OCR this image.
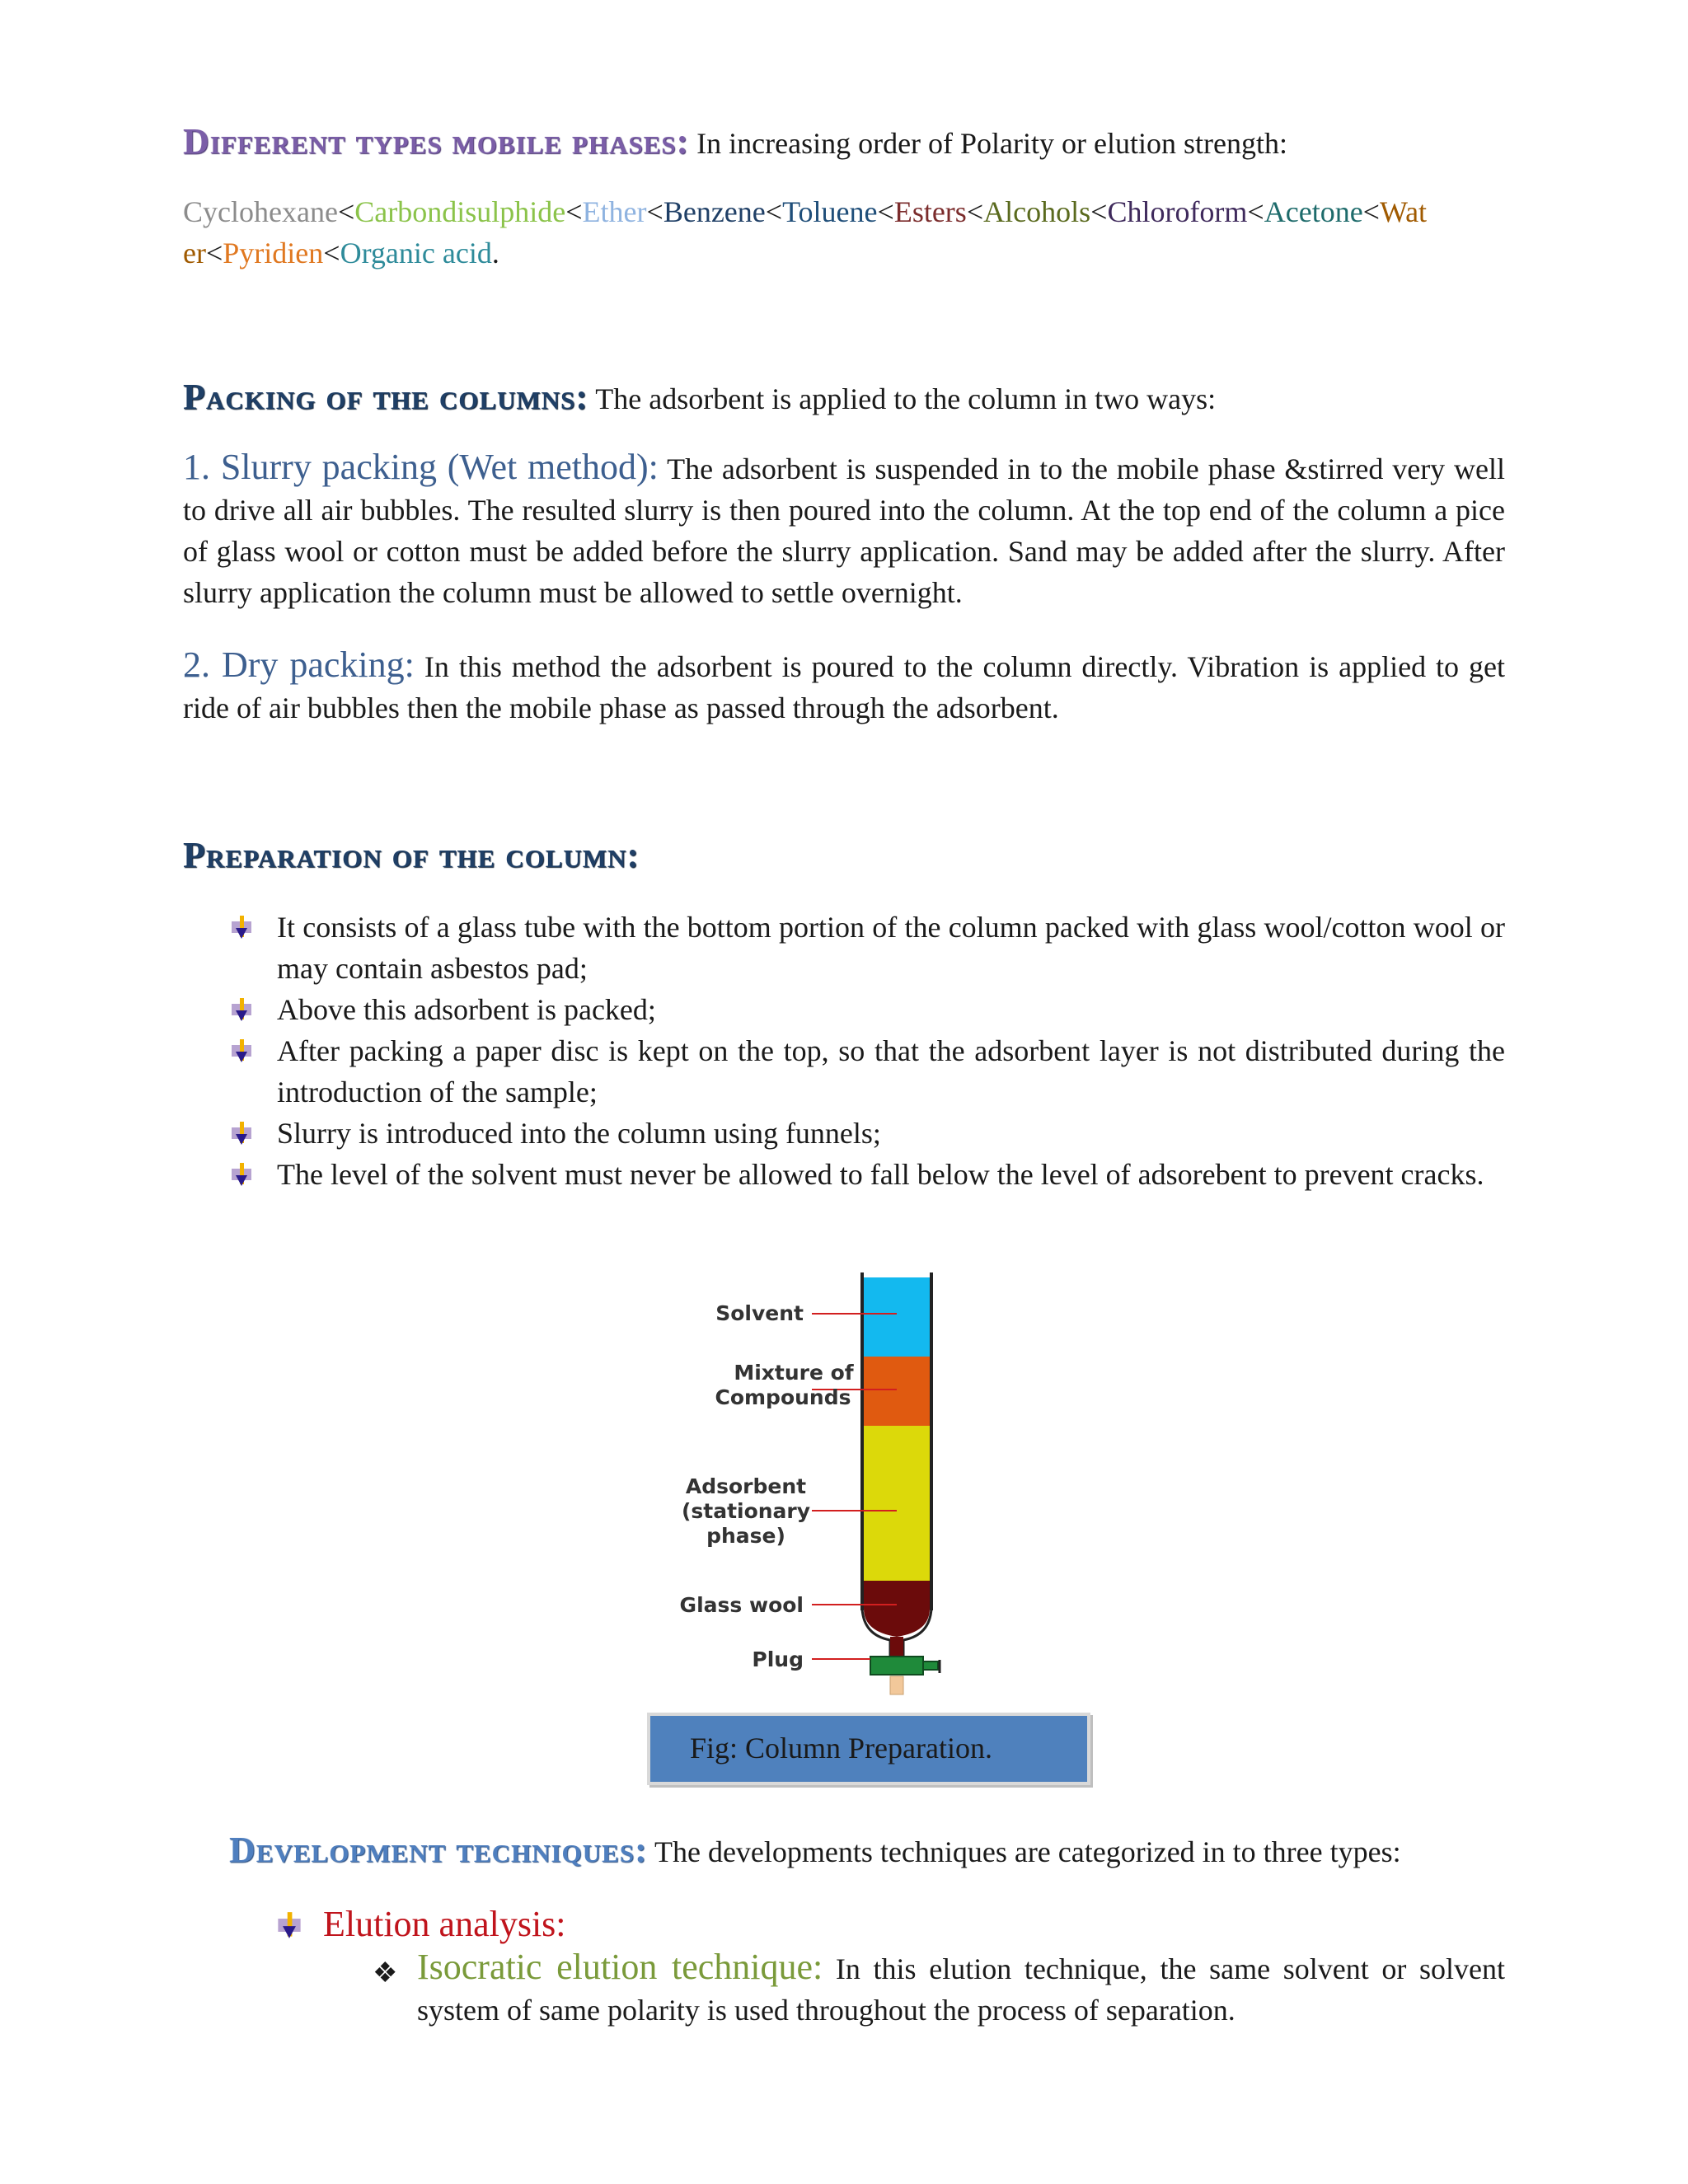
Different types mobile phases: In increasing order of Polarity or elution strength:
Cyclohexane<Carbondisulphide<Ether<Benzene<Toluene<Esters<Alcohols<Chloroform<Acetone<Wat
er<Pyridien<Organic acid.
Packing of the columns: The adsorbent is applied to the column in two ways:
1. Slurry packing (Wet method): The adsorbent is suspended in to the mobile phase &stirred very well to drive all air bubbles. The resulted slurry is then poured into the column. At the top end of the column a pice of glass wool or cotton must be added before the slurry application. Sand may be added after the slurry. After slurry application the column must be allowed to settle overnight.
2. Dry packing: In this method the adsorbent is poured to the column directly. Vibration is applied to get ride of air bubbles then the mobile phase as passed through the adsorbent.
Preparation of the column:
It consists of a glass tube with the bottom portion of the column packed with glass wool/cotton wool or may contain asbestos pad;
Above this adsorbent is packed;
After packing a paper disc is kept on the top, so that the adsorbent layer is not distributed during the introduction of the sample;
Slurry is introduced into the column using funnels;
The level of the solvent must never be allowed to fall below the level of adsorebent to prevent cracks.
Solvent
Mixture of
Compounds
Adsorbent
(stationary
phase)
Glass wool
Plug
Fig: Column Preparation.
Development techniques: The developments techniques are categorized in to three types:
Elution analysis:
❖ Isocratic elution technique: In this elution technique, the same solvent or solvent system of same polarity is used throughout the process of separation.
